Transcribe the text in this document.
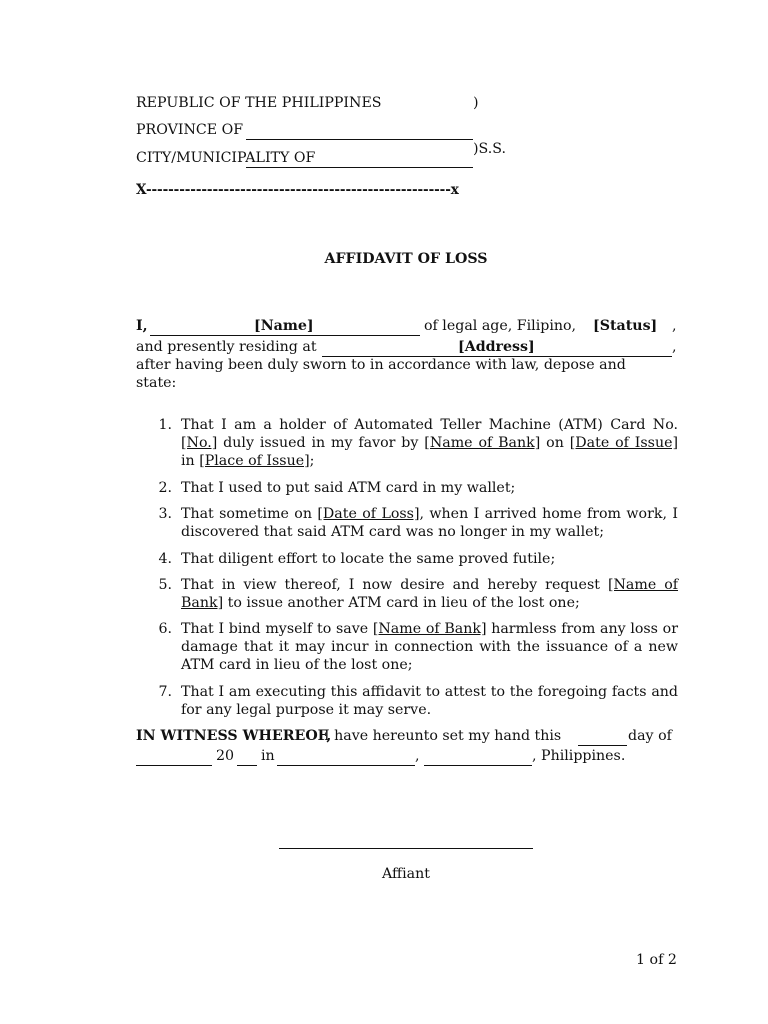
REPUBLIC OF THE PHILIPPINES	)
PROVINCE OF
CITY/MUNICIPALITY OF
)S.S.
X-------------------------------------------------------x
AFFIDAVIT OF LOSS
I,	[Name]	of legal age, Filipino, [Status] ,
and presently residing at	[Address]	,
after having been duly sworn to in accordance with law, depose and
state:
1. That I am a holder of Automated Teller Machine (ATM) Card No. [No.] duly issued in my favor by [Name of Bank] on [Date of Issue] in [Place of Issue];
2. That I used to put said ATM card in my wallet;
3. That sometime on [Date of Loss], when I arrived home from work, I discovered that said ATM card was no longer in my wallet;
4. That diligent effort to locate the same proved futile;
5. That in view thereof, I now desire and hereby request [Name of Bank] to issue another ATM card in lieu of the lost one;
6. That I bind myself to save [Name of Bank] harmless from any loss or damage that it may incur in connection with the issuance of a new ATM card in lieu of the lost one;
7. That I am executing this affidavit to attest to the foregoing facts and for any legal purpose it may serve.
IN WITNESS WHEREOF,
I have hereunto set my hand this	day of
20 in	,	, Philippines.
Affiant
1 of 2
